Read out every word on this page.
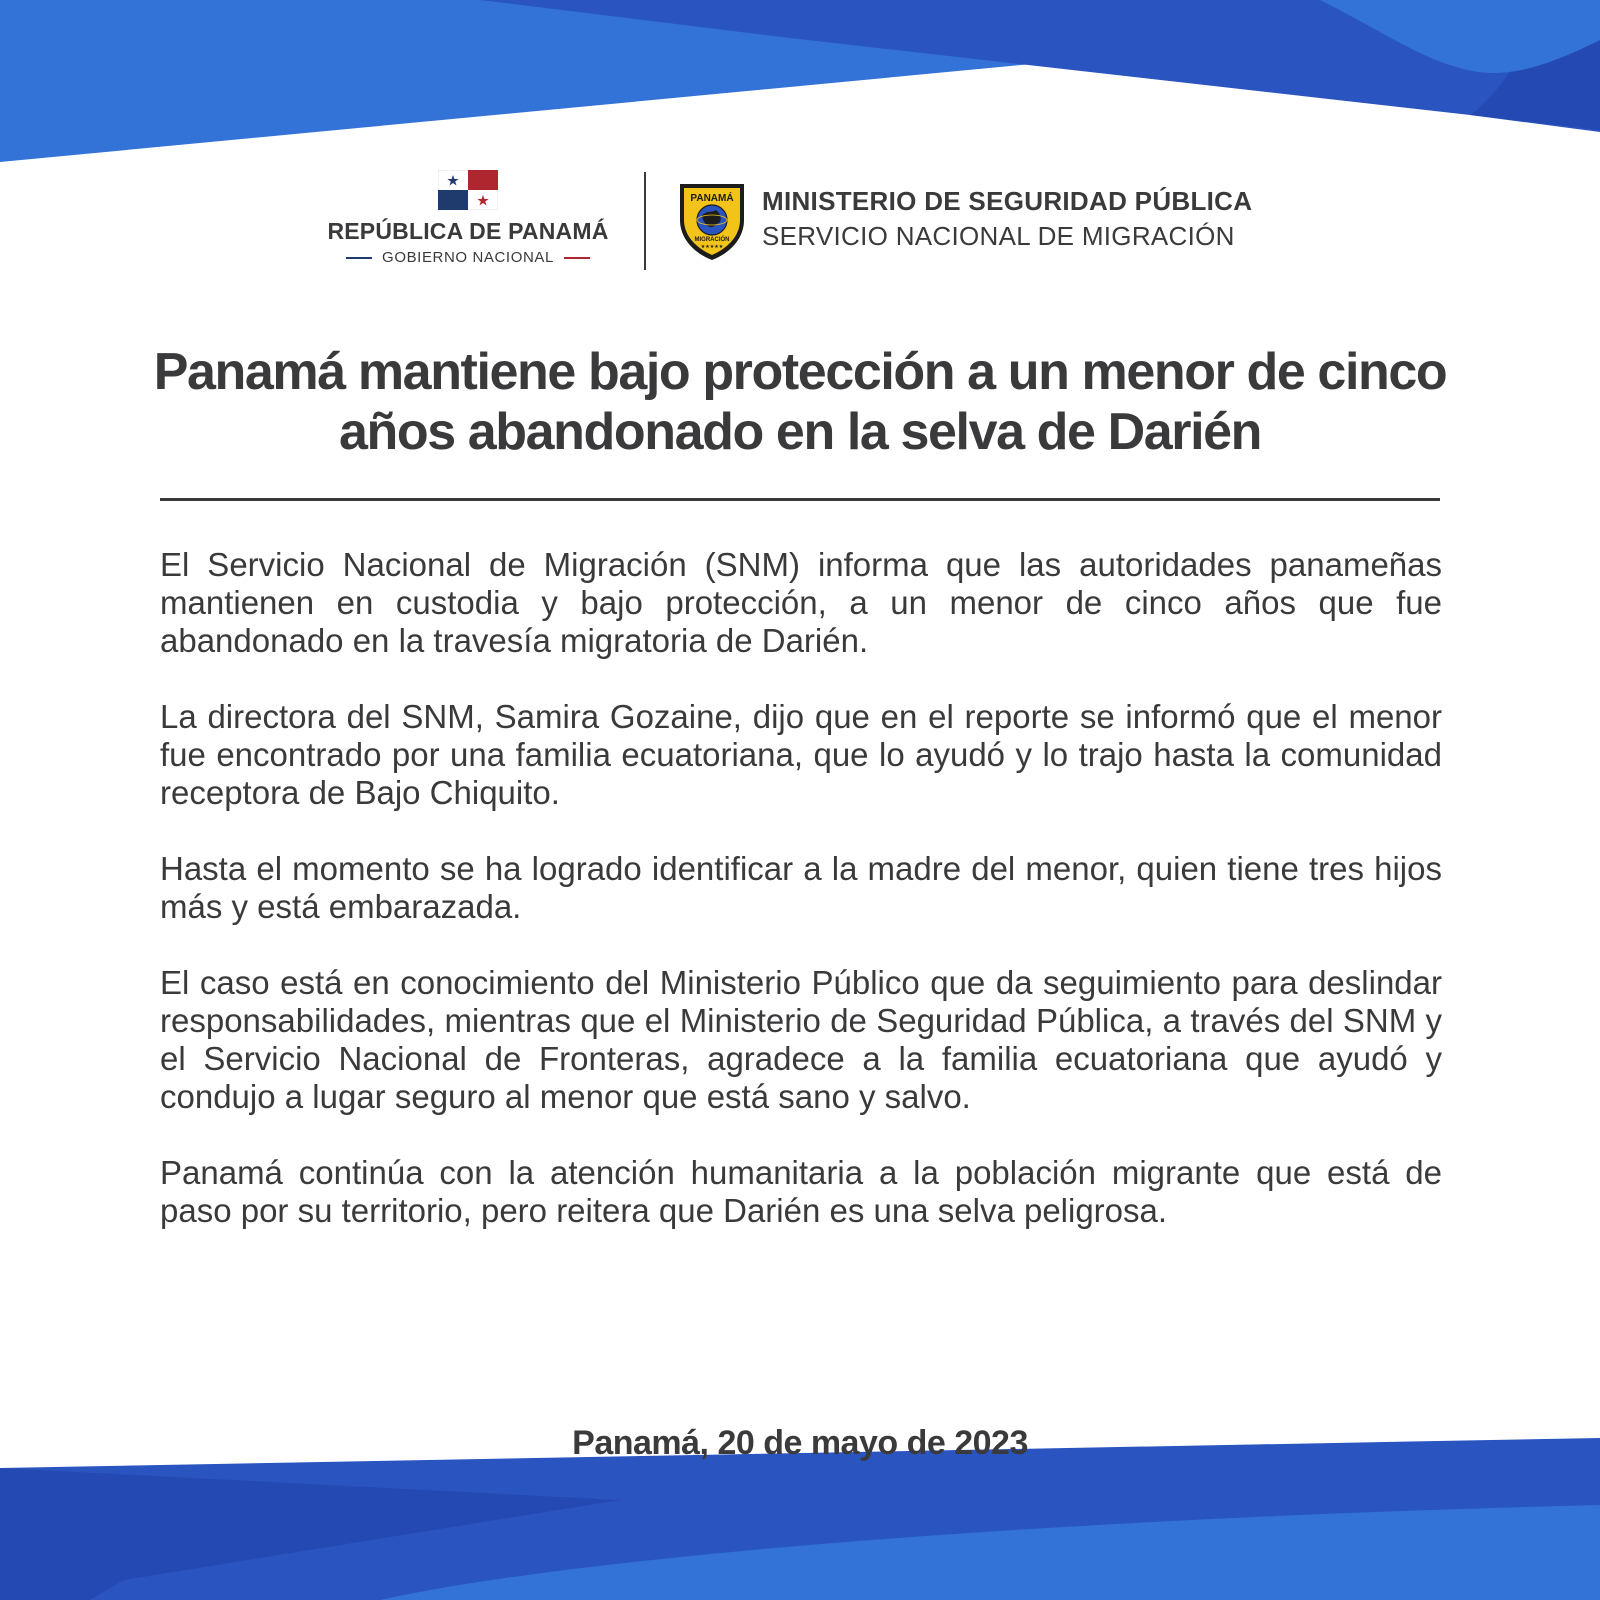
REPÚBLICA DE PANAMÁ
GOBIERNO NACIONAL
PANAMÁ
MIGRACIÓN
★★★★★
MINISTERIO DE SEGURIDAD PÚBLICA
SERVICIO NACIONAL DE MIGRACIÓN
Panamá mantiene bajo protección a un menor de cinco años abandonado en la selva de Darién

El Servicio Nacional de Migración (SNM) informa que las autoridades panameñas mantienen en custodia y bajo protección, a un menor de cinco años que fue abandonado en la travesía migratoria de Darién.

La directora del SNM, Samira Gozaine, dijo que en el reporte se informó que el menor fue encontrado por una familia ecuatoriana, que lo ayudó y lo trajo hasta la comunidad receptora de Bajo Chiquito.

Hasta el momento se ha logrado identificar a la madre del menor, quien tiene tres hijos más y está embarazada.

El caso está en conocimiento del Ministerio Público que da seguimiento para deslindar responsabilidades, mientras que el Ministerio de Seguridad Pública, a través del SNM y el Servicio Nacional de Fronteras, agradece a la familia ecuatoriana que ayudó y condujo a lugar seguro al menor que está sano y salvo.

Panamá continúa con la atención humanitaria a la población migrante que está de paso por su territorio, pero reitera que Darién es una selva peligrosa.

Panamá, 20 de mayo de 2023
